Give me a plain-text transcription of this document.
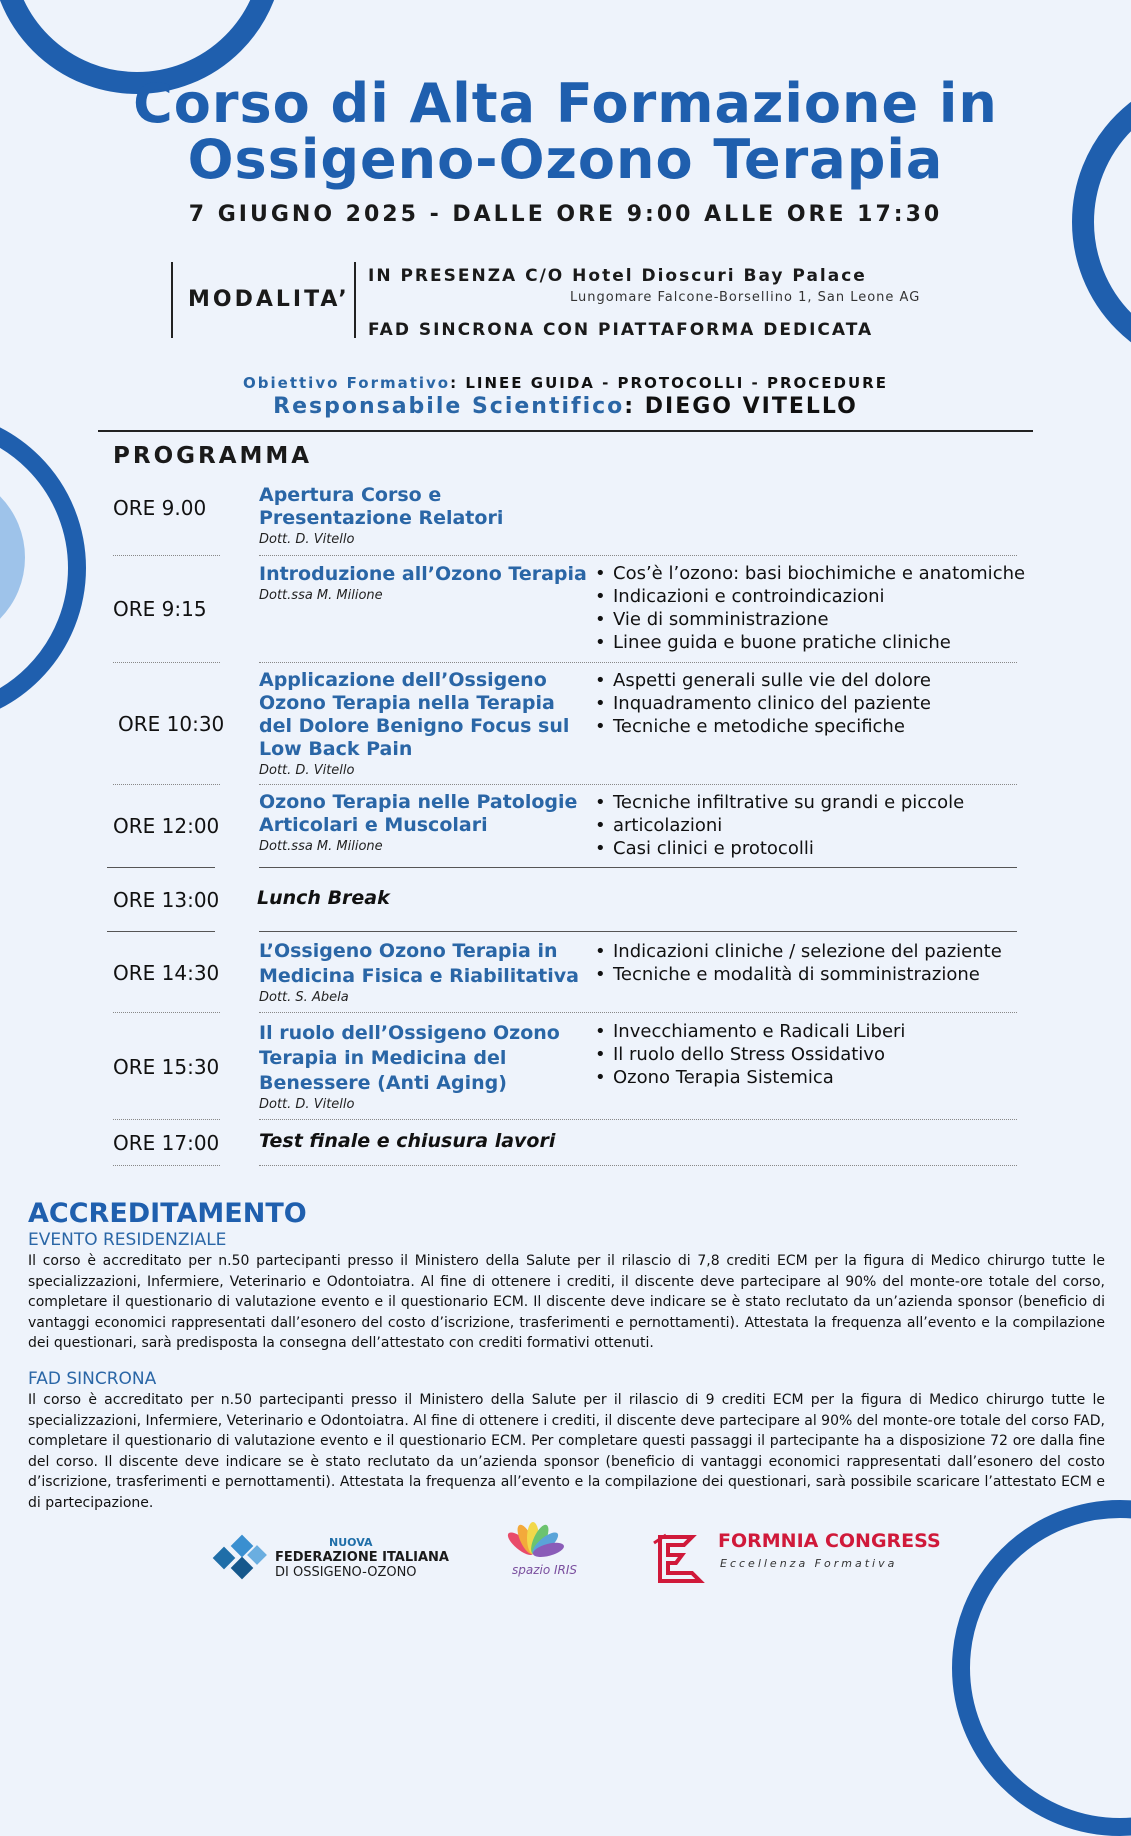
Corso di Alta Formazione in
Ossigeno-Ozono Terapia
7 GIUGNO 2025 - DALLE ORE 9:00 ALLE ORE 17:30
MODALITA’
IN PRESENZA C/O Hotel Dioscuri Bay Palace
Lungomare Falcone-Borsellino 1, San Leone AG
FAD SINCRONA CON PIATTAFORMA DEDICATA
Obiettivo Formativo: LINEE GUIDA - PROTOCOLLI - PROCEDURE
Responsabile Scientifico: DIEGO VITELLO
PROGRAMMA
ORE 9.00
Apertura Corso e
Presentazione Relatori
Dott. D. Vitello
ORE 9:15
Introduzione all’Ozono Terapia
Dott.ssa M. Milione
• Cos’è l’ozono: basi biochimiche e anatomiche
• Indicazioni e controindicazioni
• Vie di somministrazione
• Linee guida e buone pratiche cliniche
ORE 10:30
Applicazione dell’Ossigeno
Ozono Terapia nella Terapia
del Dolore Benigno Focus sul
Low Back Pain
Dott. D. Vitello
• Aspetti generali sulle vie del dolore
• Inquadramento clinico del paziente
• Tecniche e metodiche specifiche
ORE 12:00
Ozono Terapia nelle Patologie
Articolari e Muscolari
Dott.ssa M. Milione
• Tecniche infiltrative su grandi e piccole
• articolazioni
• Casi clinici e protocolli
ORE 13:00 Lunch Break
ORE 14:30
L’Ossigeno Ozono Terapia in
Medicina Fisica e Riabilitativa
Dott. S. Abela
• Indicazioni cliniche / selezione del paziente
• Tecniche e modalità di somministrazione
ORE 15:30
Il ruolo dell’Ossigeno Ozono
Terapia in Medicina del
Benessere (Anti Aging)
Dott. D. Vitello
• Invecchiamento e Radicali Liberi
• Il ruolo dello Stress Ossidativo
• Ozono Terapia Sistemica
ORE 17:00 Test finale e chiusura lavori
ACCREDITAMENTO
EVENTO RESIDENZIALE
Il corso è accreditato per n.50 partecipanti presso il Ministero della Salute per il rilascio di 7,8 crediti ECM per la figura di Medico chirurgo tutte le specializzazioni, Infermiere, Veterinario e Odontoiatra. Al fine di ottenere i crediti, il discente deve partecipare al 90% del monte-ore totale del corso, completare il questionario di valutazione evento e il questionario ECM. Il discente deve indicare se è stato reclutato da un’azienda sponsor (beneficio di vantaggi economici rappresentati dall’esonero del costo d’iscrizione, trasferimenti e pernottamenti). Attestata la frequenza all’evento e la compilazione dei questionari, sarà predisposta la consegna dell’attestato con crediti formativi ottenuti.
FAD SINCRONA
Il corso è accreditato per n.50 partecipanti presso il Ministero della Salute per il rilascio di 9 crediti ECM per la figura di Medico chirurgo tutte le specializzazioni, Infermiere, Veterinario e Odontoiatra. Al fine di ottenere i crediti, il discente deve partecipare al 90% del monte-ore totale del corso FAD, completare il questionario di valutazione evento e il questionario ECM. Per completare questi passaggi il partecipante ha a disposizione 72 ore dalla fine del corso. Il discente deve indicare se è stato reclutato da un’azienda sponsor (beneficio di vantaggi economici rappresentati dall’esonero del costo d’iscrizione, trasferimenti e pernottamenti). Attestata la frequenza all’evento e la compilazione dei questionari, sarà possibile scaricare l’attestato ECM e di partecipazione.
NUOVA
FEDERAZIONE ITALIANA
DI OSSIGENO-OZONO	spazio IRIS
FORMNIA CONGRESS
Eccellenza Formativa
